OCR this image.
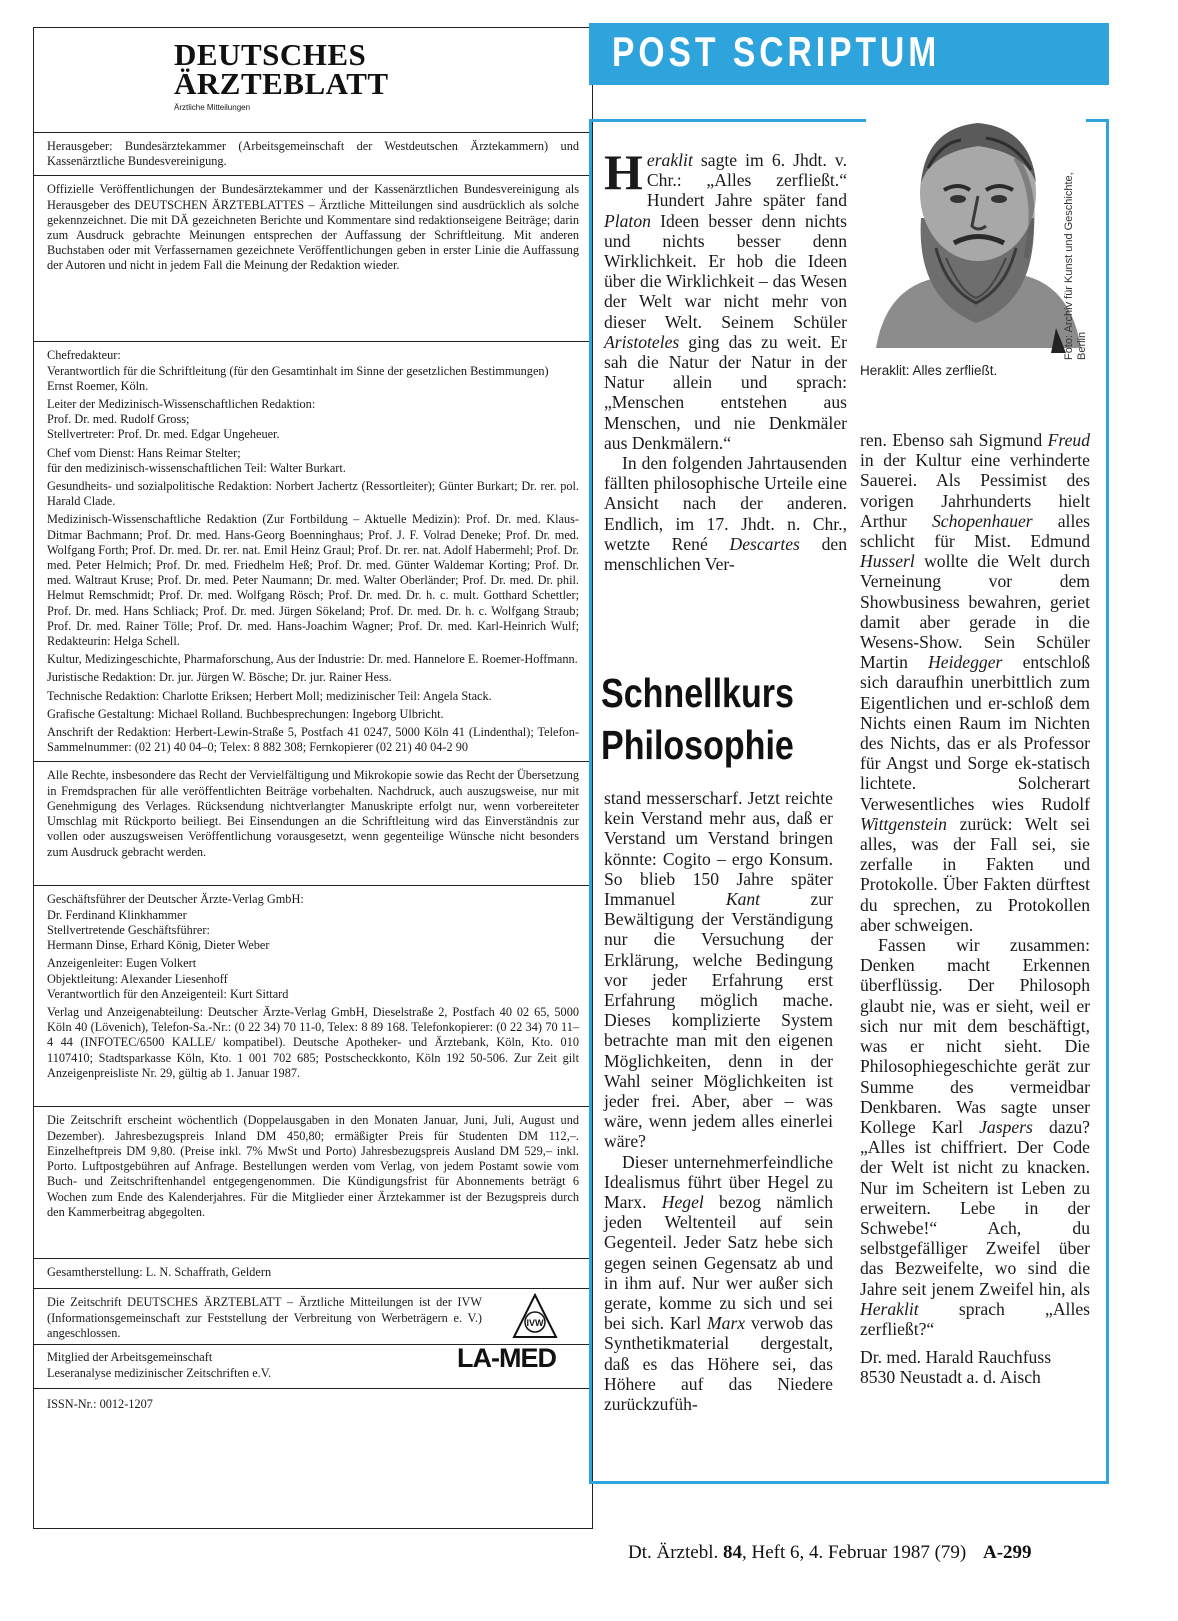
DEUTSCHES
ÄRZTEBLATT
Ärztliche Mitteilungen

Herausgeber: Bundesärztekammer (Arbeitsgemeinschaft der Westdeutschen Ärztekammern) und Kassenärztliche Bundesvereinigung.

Offizielle Veröffentlichungen der Bundesärztekammer und der Kassenärztlichen Bundesvereinigung als Herausgeber des DEUTSCHEN ÄRZTEBLATTES – Ärztliche Mitteilungen sind ausdrücklich als solche gekennzeichnet. Die mit DÄ gezeichneten Berichte und Kommentare sind redaktionseigene Beiträge; darin zum Ausdruck gebrachte Meinungen entsprechen der Auffassung der Schriftleitung. Mit anderen Buchstaben oder mit Verfassernamen gezeichnete Veröffentlichungen geben in erster Linie die Auffassung der Autoren und nicht in jedem Fall die Meinung der Redaktion wieder.

Chefredakteur:

Verantwortlich für die Schriftleitung (für den Gesamtinhalt im Sinne der gesetzlichen Bestimmungen)

Ernst Roemer, Köln.

Leiter der Medizinisch-Wissenschaftlichen Redaktion:

Prof. Dr. med. Rudolf Gross;

Stellvertreter: Prof. Dr. med. Edgar Ungeheuer.

Chef vom Dienst: Hans Reimar Stelter;

für den medizinisch-wissenschaftlichen Teil: Walter Burkart.

Gesundheits- und sozialpolitische Redaktion: Norbert Jachertz (Ressortleiter); Günter Burkart; Dr. rer. pol. Harald Clade.

Medizinisch-Wissenschaftliche Redaktion (Zur Fortbildung – Aktuelle Medizin): Prof. Dr. med. Klaus-Ditmar Bachmann; Prof. Dr. med. Hans-Georg Boenninghaus; Prof. J. F. Volrad Deneke; Prof. Dr. med. Wolfgang Forth; Prof. Dr. med. Dr. rer. nat. Emil Heinz Graul; Prof. Dr. rer. nat. Adolf Habermehl; Prof. Dr. med. Peter Helmich; Prof. Dr. med. Friedhelm Heß; Prof. Dr. med. Günter Waldemar Korting; Prof. Dr. med. Waltraut Kruse; Prof. Dr. med. Peter Naumann; Dr. med. Walter Oberländer; Prof. Dr. med. Dr. phil. Helmut Remschmidt; Prof. Dr. med. Wolfgang Rösch; Prof. Dr. med. Dr. h. c. mult. Gotthard Schettler; Prof. Dr. med. Hans Schliack; Prof. Dr. med. Jürgen Sökeland; Prof. Dr. med. Dr. h. c. Wolfgang Straub; Prof. Dr. med. Rainer Tölle; Prof. Dr. med. Hans-Joachim Wagner; Prof. Dr. med. Karl-Heinrich Wulf; Redakteurin: Helga Schell.

Kultur, Medizingeschichte, Pharmaforschung, Aus der Industrie: Dr. med. Hannelore E. Roemer-Hoffmann.

Juristische Redaktion: Dr. jur. Jürgen W. Bösche; Dr. jur. Rainer Hess.

Technische Redaktion: Charlotte Eriksen; Herbert Moll; medizinischer Teil: Angela Stack.

Grafische Gestaltung: Michael Rolland. Buchbesprechungen: Ingeborg Ulbricht.

Anschrift der Redaktion: Herbert-Lewin-Straße 5, Postfach 41 0247, 5000 Köln 41 (Lindenthal); Telefon-Sammelnummer: (02 21) 40 04–0; Telex: 8 882 308; Fernkopierer (02 21) 40 04-2 90

Alle Rechte, insbesondere das Recht der Vervielfältigung und Mikrokopie sowie das Recht der Übersetzung in Fremdsprachen für alle veröffentlichten Beiträge vorbehalten. Nachdruck, auch auszugsweise, nur mit Genehmigung des Verlages. Rücksendung nichtverlangter Manuskripte erfolgt nur, wenn vorbereiteter Umschlag mit Rückporto beiliegt. Bei Einsendungen an die Schriftleitung wird das Einverständnis zur vollen oder auszugsweisen Veröffentlichung vorausgesetzt, wenn gegenteilige Wünsche nicht besonders zum Ausdruck gebracht werden.

Geschäftsführer der Deutscher Ärzte-Verlag GmbH:

Dr. Ferdinand Klinkhammer

Stellvertretende Geschäftsführer:

Hermann Dinse, Erhard König, Dieter Weber

Anzeigenleiter: Eugen Volkert

Objektleitung: Alexander Liesenhoff

Verantwortlich für den Anzeigenteil: Kurt Sittard

Verlag und Anzeigenabteilung: Deutscher Ärzte-Verlag GmbH, Dieselstraße 2, Postfach 40 02 65, 5000 Köln 40 (Lövenich), Telefon-Sa.-Nr.: (0 22 34) 70 11-0, Telex: 8 89 168. Telefonkopierer: (0 22 34) 70 11–4 44 (INFOTEC/6500 KALLE/ kompatibel). Deutsche Apotheker- und Ärztebank, Köln, Kto. 010 1107410; Stadtsparkasse Köln, Kto. 1 001 702 685; Postscheckkonto, Köln 192 50-506. Zur Zeit gilt Anzeigenpreisliste Nr. 29, gültig ab 1. Januar 1987.

Die Zeitschrift erscheint wöchentlich (Doppelausgaben in den Monaten Januar, Juni, Juli, August und Dezember). Jahresbezugspreis Inland DM 450,80; ermäßigter Preis für Studenten DM 112,–. Einzelheftpreis DM 9,80. (Preise inkl. 7% MwSt und Porto) Jahresbezugspreis Ausland DM 529,– inkl. Porto. Luftpostgebühren auf Anfrage. Bestellungen werden vom Verlag, von jedem Postamt sowie vom Buch- und Zeitschriftenhandel entgegengenommen. Die Kündigungsfrist für Abonnements beträgt 6 Wochen zum Ende des Kalenderjahres. Für die Mitglieder einer Ärztekammer ist der Bezugspreis durch den Kammerbeitrag abgegolten.

Gesamtherstellung: L. N. Schaffrath, Geldern

Die Zeitschrift DEUTSCHES ÄRZTEBLATT – Ärztliche Mitteilungen ist der IVW (Informationsgemeinschaft zur Feststellung der Verbreitung von Werbeträgern e. V.) angeschlossen.

IVW

Mitglied der Arbeitsgemeinschaft

Leseranalyse medizinischer Zeitschriften e.V.	LA-MED

ISSN-Nr.: 0012-1207

POST SCRIPTUM
Foto: Archiv für Kunst und Geschichte, Berlin
Heraklit: Alles zerfließt.

Heraklit sagte im 6. Jhdt. v. Chr.: „Alles zerfließt.“ Hundert Jahre später fand Platon Ideen besser denn nichts und nichts besser denn Wirklichkeit. Er hob die Ideen über die Wirklichkeit – das Wesen der Welt war nicht mehr von dieser Welt. Seinem Schüler Aristoteles ging das zu weit. Er sah die Natur der Natur in der Natur allein und sprach: „Menschen entstehen aus Menschen, und nie Denkmäler aus Denkmälern.“

In den folgenden Jahrtausenden fällten philosophische Urteile eine Ansicht nach der anderen. Endlich, im 17. Jhdt. n. Chr., wetzte René Descartes den menschlichen Ver-

Schnellkurs
Philosophie

stand messerscharf. Jetzt reichte kein Verstand mehr aus, daß er Verstand um Verstand bringen könnte: Cogito – ergo Konsum. So blieb 150 Jahre später Immanuel Kant zur Bewältigung der Verständigung nur die Versuchung der Erklärung, welche Bedingung vor jeder Erfahrung erst Erfahrung möglich mache. Dieses komplizierte System betrachte man mit den eigenen Möglichkeiten, denn in der Wahl seiner Möglichkeiten ist jeder frei. Aber, aber – was wäre, wenn jedem alles einerlei wäre?

Dieser unternehmerfeindliche Idealismus führt über Hegel zu Marx. Hegel bezog nämlich jeden Weltenteil auf sein Gegenteil. Jeder Satz hebe sich gegen seinen Gegensatz ab und in ihm auf. Nur wer außer sich gerate, komme zu sich und sei bei sich. Karl Marx verwob das Synthetikmaterial dergestalt, daß es das Höhere sei, das Höhere auf das Niedere zurückzufüh-

ren. Ebenso sah Sigmund Freud in der Kultur eine verhinderte Sauerei. Als Pessimist des vorigen Jahrhunderts hielt Arthur Schopenhauer alles schlicht für Mist. Edmund Husserl wollte die Welt durch Verneinung vor dem Showbusiness bewahren, geriet damit aber gerade in die Wesens-Show. Sein Schüler Martin Heidegger entschloß sich daraufhin unerbittlich zum Eigentlichen und er-schloß dem Nichts einen Raum im Nichten des Nichts, das er als Professor für Angst und Sorge ek-statisch lichtete. Solcherart Verwesentliches wies Rudolf Wittgenstein zurück: Welt sei alles, was der Fall sei, sie zerfalle in Fakten und Protokolle. Über Fakten dürftest du sprechen, zu Protokollen aber schweigen.

Fassen wir zusammen: Denken macht Erkennen überflüssig. Der Philosoph glaubt nie, was er sieht, weil er sich nur mit dem beschäftigt, was er nicht sieht. Die Philosophiegeschichte gerät zur Summe des vermeidbar Denkbaren. Was sagte unser Kollege Karl Jaspers dazu? „Alles ist chiffriert. Der Code der Welt ist nicht zu knacken. Nur im Scheitern ist Leben zu erweitern. Lebe in der Schwebe!“ Ach, du selbstgefälliger Zweifel über das Bezweifelte, wo sind die Jahre seit jenem Zweifel hin, als Heraklit sprach „Alles zerfließt?“

Dr. med. Harald Rauchfuss

8530 Neustadt a. d. Aisch

Dt. Ärztebl. 84, Heft 6, 4. Februar 1987 (79) A-299
